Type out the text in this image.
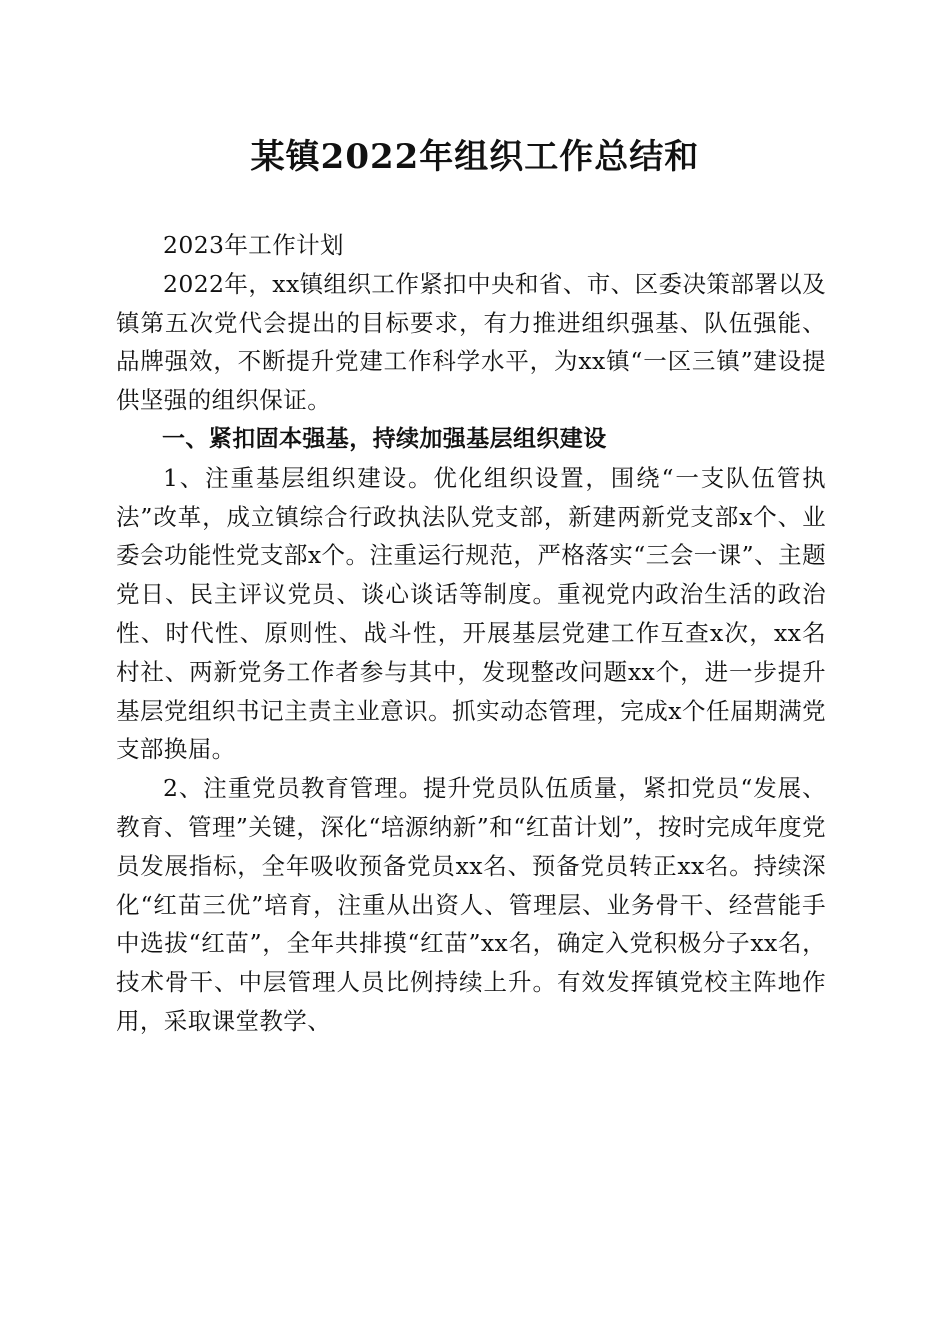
某镇2022年组织工作总结和

2023年工作计划

2022年，xx镇组织工作紧扣中央和省、市、区委决策部署以及镇第五次党代会提出的目标要求，有力推进组织强基、队伍强能、品牌强效，不断提升党建工作科学水平，为xx镇“一区三镇”建设提供坚强的组织保证。

一、紧扣固本强基，持续加强基层组织建设

1、注重基层组织建设。优化组织设置，围绕“一支队伍管执法”改革，成立镇综合行政执法队党支部，新建两新党支部x个、业委会功能性党支部x个。注重运行规范，严格落实“三会一课”、主题党日、民主评议党员、谈心谈话等制度。重视党内政治生活的政治性、时代性、原则性、战斗性，开展基层党建工作互查x次，xx名村社、两新党务工作者参与其中，发现整改问题xx个，进一步提升基层党组织书记主责主业意识。抓实动态管理，完成x个任届期满党支部换届。

2、注重党员教育管理。提升党员队伍质量，紧扣党员“发展、教育、管理”关键，深化“培源纳新”和“红苗计划”，按时完成年度党员发展指标，全年吸收预备党员xx名、预备党员转正xx名。持续深化“红苗三优”培育，注重从出资人、管理层、业务骨干、经营能手中选拔“红苗”，全年共排摸“红苗”xx名，确定入党积极分子xx名，技术骨干、中层管理人员比例持续上升。有效发挥镇党校主阵地作用，采取课堂教学、
